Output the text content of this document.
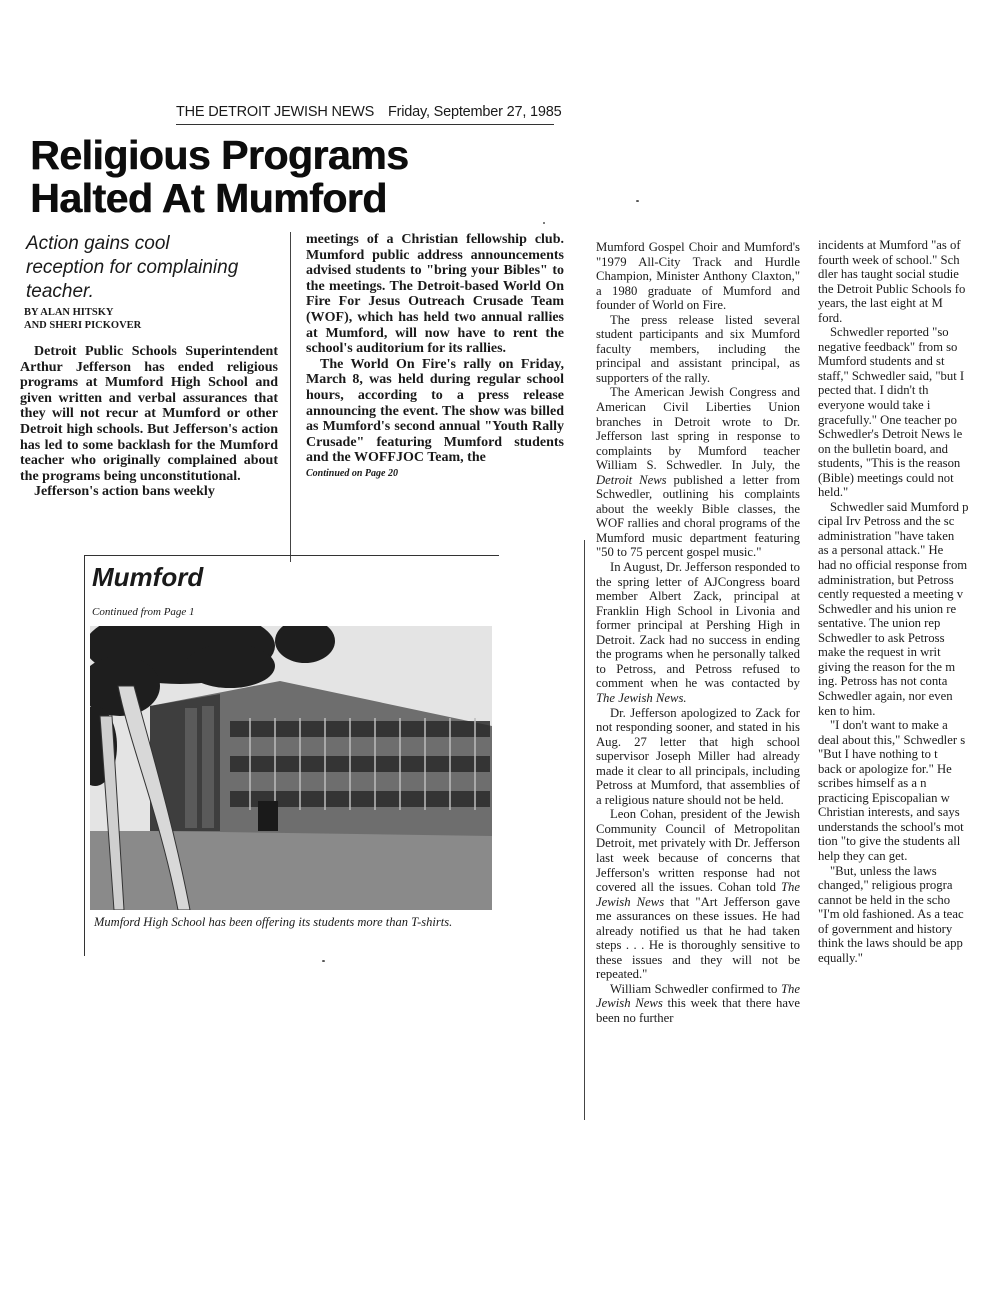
THE DETROIT JEWISH NEWS Friday, September 27, 1985
Religious Programs
Halted At Mumford
Action gains cool
reception for complaining
teacher.
BY ALAN HITSKY
AND SHERI PICKOVER

Detroit Public Schools Superintendent Arthur Jefferson has ended religious programs at Mumford High School and given written and verbal assurances that they will not recur at Mumford or other Detroit high schools. But Jefferson's action has led to some backlash for the Mumford teacher who originally complained about the programs being unconstitutional.

Jefferson's action bans weekly

meetings of a Christian fellowship club. Mumford public address announcements advised students to "bring your Bibles" to the meetings. The Detroit-based World On Fire For Jesus Outreach Crusade Team (WOF), which has held two annual rallies at Mumford, will now have to rent the school's auditorium for its rallies.

The World On Fire's rally on Friday, March 8, was held during regular school hours, according to a press release announcing the event. The show was billed as Mumford's second annual "Youth Rally Crusade" featuring Mumford students and the WOFFJOC Team, the

Continued on Page 20
Mumford
Continued from Page 1
Mumford High School has been offering its students more than T-shirts.

Mumford Gospel Choir and Mumford's "1979 All-City Track and Hurdle Champion, Minister Anthony Claxton," a 1980 graduate of Mumford and founder of World on Fire.

The press release listed several student participants and six Mumford faculty members, including the principal and assistant principal, as supporters of the rally.

The American Jewish Congress and American Civil Liberties Union branches in Detroit wrote to Dr. Jefferson last spring in response to complaints by Mumford teacher William S. Schwedler. In July, the Detroit News published a letter from Schwedler, outlining his complaints about the weekly Bible classes, the WOF rallies and choral programs of the Mumford music department featuring "50 to 75 percent gospel music."

In August, Dr. Jefferson responded to the spring letter of AJCongress board member Albert Zack, principal at Franklin High School in Livonia and former principal at Pershing High in Detroit. Zack had no success in ending the programs when he personally talked to Petross, and Petross refused to comment when he was contacted by The Jewish News.

Dr. Jefferson apologized to Zack for not responding sooner, and stated in his Aug. 27 letter that high school supervisor Joseph Miller had already made it clear to all principals, including Petross at Mumford, that assemblies of a religious nature should not be held.

Leon Cohan, president of the Jewish Community Council of Metropolitan Detroit, met privately with Dr. Jefferson last week because of concerns that Jefferson's written response had not covered all the issues. Cohan told The Jewish News that "Art Jefferson gave me assurances on these issues. He had already notified us that he had taken steps . . . He is thoroughly sensitive to these issues and they will not be repeated."

William Schwedler confirmed to The Jewish News this week that there have been no further

incidents at Mumford "as of
fourth week of school." Sch
dler has taught social studie
the Detroit Public Schools fo
years, the last eight at M
ford.
Schwedler reported "so
negative feedback" from so
Mumford students and st
staff," Schwedler said, "but I
pected that. I didn't th
everyone would take i
gracefully." One teacher po
Schwedler's Detroit News le
on the bulletin board, and
students, "This is the reason
(Bible) meetings could not
held."
Schwedler said Mumford p
cipal Irv Petross and the sc
administration "have taken
as a personal attack." He
had no official response from
administration, but Petross
cently requested a meeting v
Schwedler and his union re
sentative. The union rep
Schwedler to ask Petross
make the request in writ
giving the reason for the m
ing. Petross has not conta
Schwedler again, nor even
ken to him.
"I don't want to make a
deal about this," Schwedler s
"But I have nothing to t
back or apologize for." He
scribes himself as a n
practicing Episcopalian w
Christian interests, and says
understands the school's mot
tion "to give the students all
help they can get.
"But, unless the laws
changed," religious progra
cannot be held in the scho
"I'm old fashioned. As a teac
of government and history
think the laws should be app
equally."
